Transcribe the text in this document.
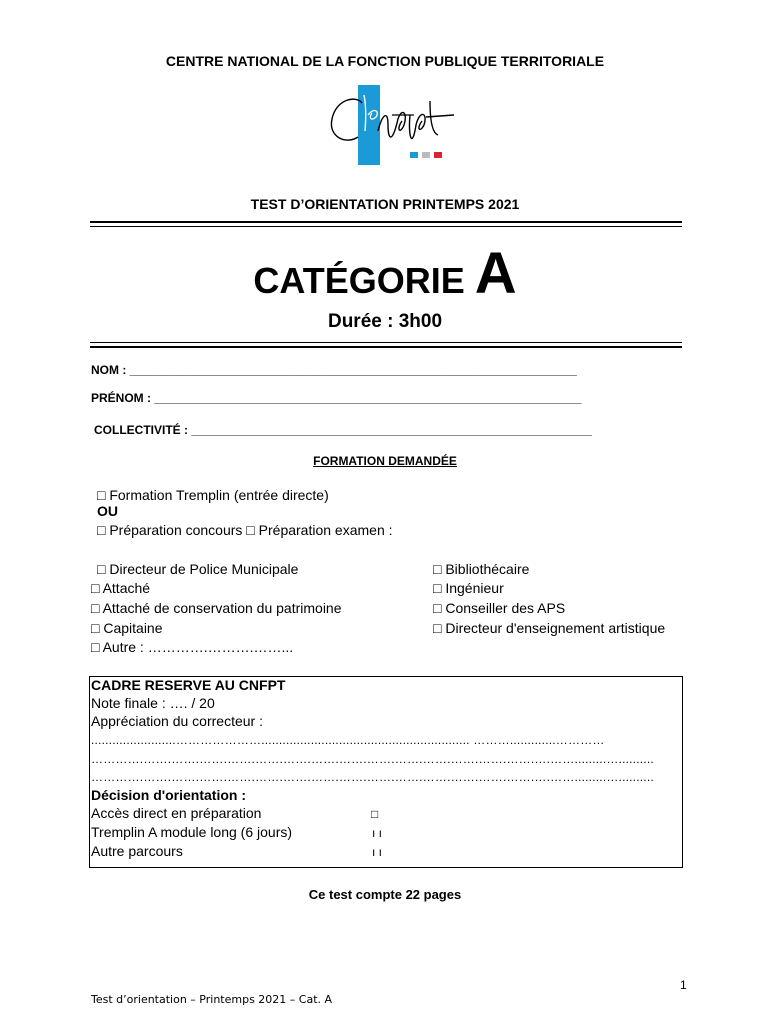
CENTRE NATIONAL DE LA FONCTION PUBLIQUE TERRITORIALE
TEST D’ORIENTATION PRINTEMPS 2021
CATÉGORIE A
Durée : 3h00
NOM : ___________________________________________________________________
PRÉNOM : ________________________________________________________________
COLLECTIVITÉ : ____________________________________________________________
FORMATION DEMANDÉE
□ Formation Tremplin (entrée directe)
OU
□ Préparation concours □ Préparation examen :
□ Directeur de Police Municipale
□ Attaché
□ Attaché de conservation du patrimoine
□ Capitaine
□ Autre : ………….……….……...
□ Bibliothécaire
□ Ingénieur
□ Conseiller des APS
□ Directeur d'enseignement artistique
CADRE RESERVE AU CNFPT
Note finale : …. / 20
Appréciation du correcteur :
........................…………………........................................................... ……….............…………
………….…….…….…….…….…….…….…….…….…….…….…….…….…….…….….…….........…..........
………….…….…….…….…….…….…….…….…….…….…….…….…….…….…….….…….........…..........
Décision d'orientation :
Accès direct en préparation
Tremplin A module long (6 jours)
Autre parcours
□
ı ı
ı ı
Ce test compte 22 pages
1
Test d’orientation – Printemps 2021 – Cat. A
